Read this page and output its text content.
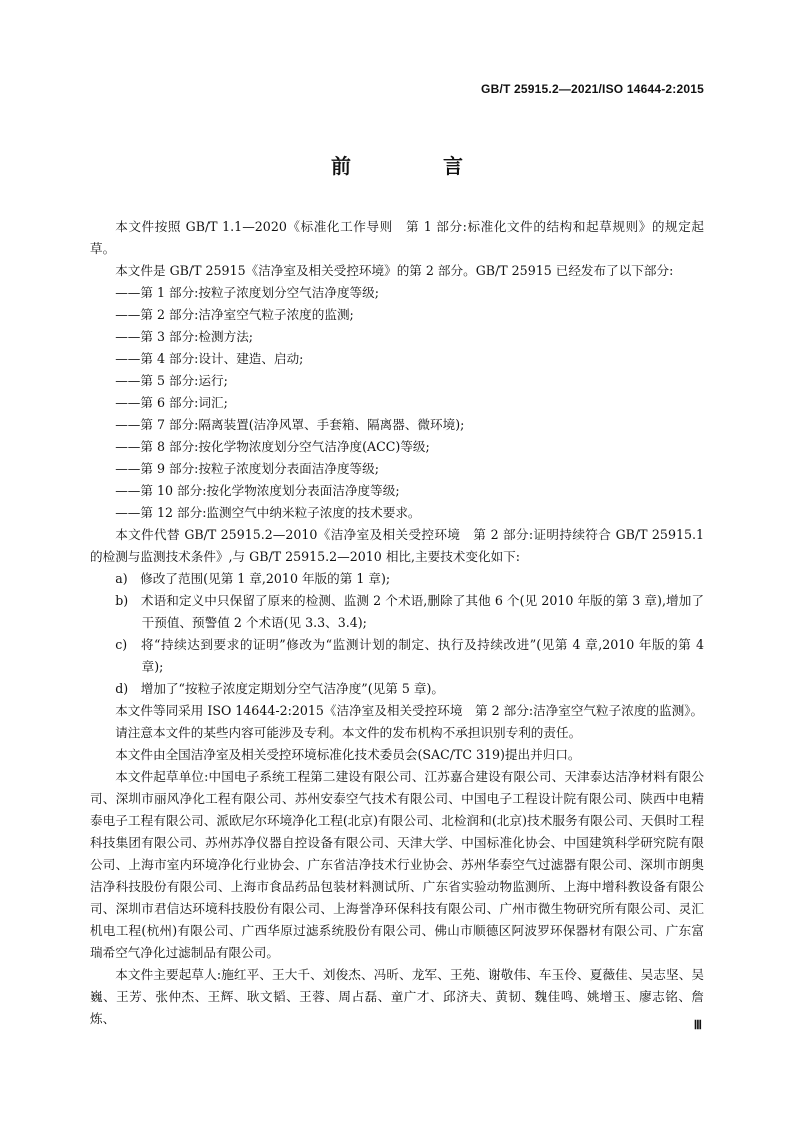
GB/T 25915.2—2021/ISO 14644-2:2015
前　言

本文件按照 GB/T 1.1—2020《标准化工作导则　第 1 部分:标准化文件的结构和起草规则》的规定起草。

本文件是 GB/T 25915《洁净室及相关受控环境》的第 2 部分。GB/T 25915 已经发布了以下部分:

——第 1 部分:按粒子浓度划分空气洁净度等级;

——第 2 部分:洁净室空气粒子浓度的监测;

——第 3 部分:检测方法;

——第 4 部分:设计、建造、启动;

——第 5 部分:运行;

——第 6 部分:词汇;

——第 7 部分:隔离装置(洁净风罩、手套箱、隔离器、微环境);

——第 8 部分:按化学物浓度划分空气洁净度(ACC)等级;

——第 9 部分:按粒子浓度划分表面洁净度等级;

——第 10 部分:按化学物浓度划分表面洁净度等级;

——第 12 部分:监测空气中纳米粒子浓度的技术要求。

本文件代替 GB/T 25915.2—2010《洁净室及相关受控环境　第 2 部分:证明持续符合 GB/T 25915.1的检测与监测技术条件》,与 GB/T 25915.2—2010 相比,主要技术变化如下:

a)　修改了范围(见第 1 章,2010 年版的第 1 章);

b)　术语和定义中只保留了原来的检测、监测 2 个术语,删除了其他 6 个(见 2010 年版的第 3 章),增加了干预值、预警值 2 个术语(见 3.3、3.4);

c)　将“持续达到要求的证明”修改为“监测计划的制定、执行及持续改进”(见第 4 章,2010 年版的第 4 章);

d)　增加了“按粒子浓度定期划分空气洁净度”(见第 5 章)。

本文件等同采用 ISO 14644-2:2015《洁净室及相关受控环境　第 2 部分:洁净室空气粒子浓度的监测》。

请注意本文件的某些内容可能涉及专利。本文件的发布机构不承担识别专利的责任。

本文件由全国洁净室及相关受控环境标准化技术委员会(SAC/TC 319)提出并归口。

本文件起草单位:中国电子系统工程第二建设有限公司、江苏嘉合建设有限公司、天津泰达洁净材料有限公司、深圳市丽风净化工程有限公司、苏州安泰空气技术有限公司、中国电子工程设计院有限公司、陕西中电精泰电子工程有限公司、派欧尼尔环境净化工程(北京)有限公司、北检润和(北京)技术服务有限公司、天俱时工程科技集团有限公司、苏州苏净仪器自控设备有限公司、天津大学、中国标准化协会、中国建筑科学研究院有限公司、上海市室内环境净化行业协会、广东省洁净技术行业协会、苏州华泰空气过滤器有限公司、深圳市朗奥洁净科技股份有限公司、上海市食品药品包装材料测试所、广东省实验动物监测所、上海中增科教设备有限公司、深圳市君信达环境科技股份有限公司、上海誉净环保科技有限公司、广州市微生物研究所有限公司、灵汇机电工程(杭州)有限公司、广西华原过滤系统股份有限公司、佛山市顺德区阿波罗环保器材有限公司、广东富瑞希空气净化过滤制品有限公司。

本文件主要起草人:施红平、王大千、刘俊杰、冯昕、龙军、王苑、谢敬伟、车玉伶、夏薇佳、吴志坚、吴巍、王芳、张仲杰、王辉、耿文韬、王蓉、周占磊、童广才、邱济夫、黄韧、魏佳鸣、姚增玉、廖志铭、詹炼、	Ⅲ
